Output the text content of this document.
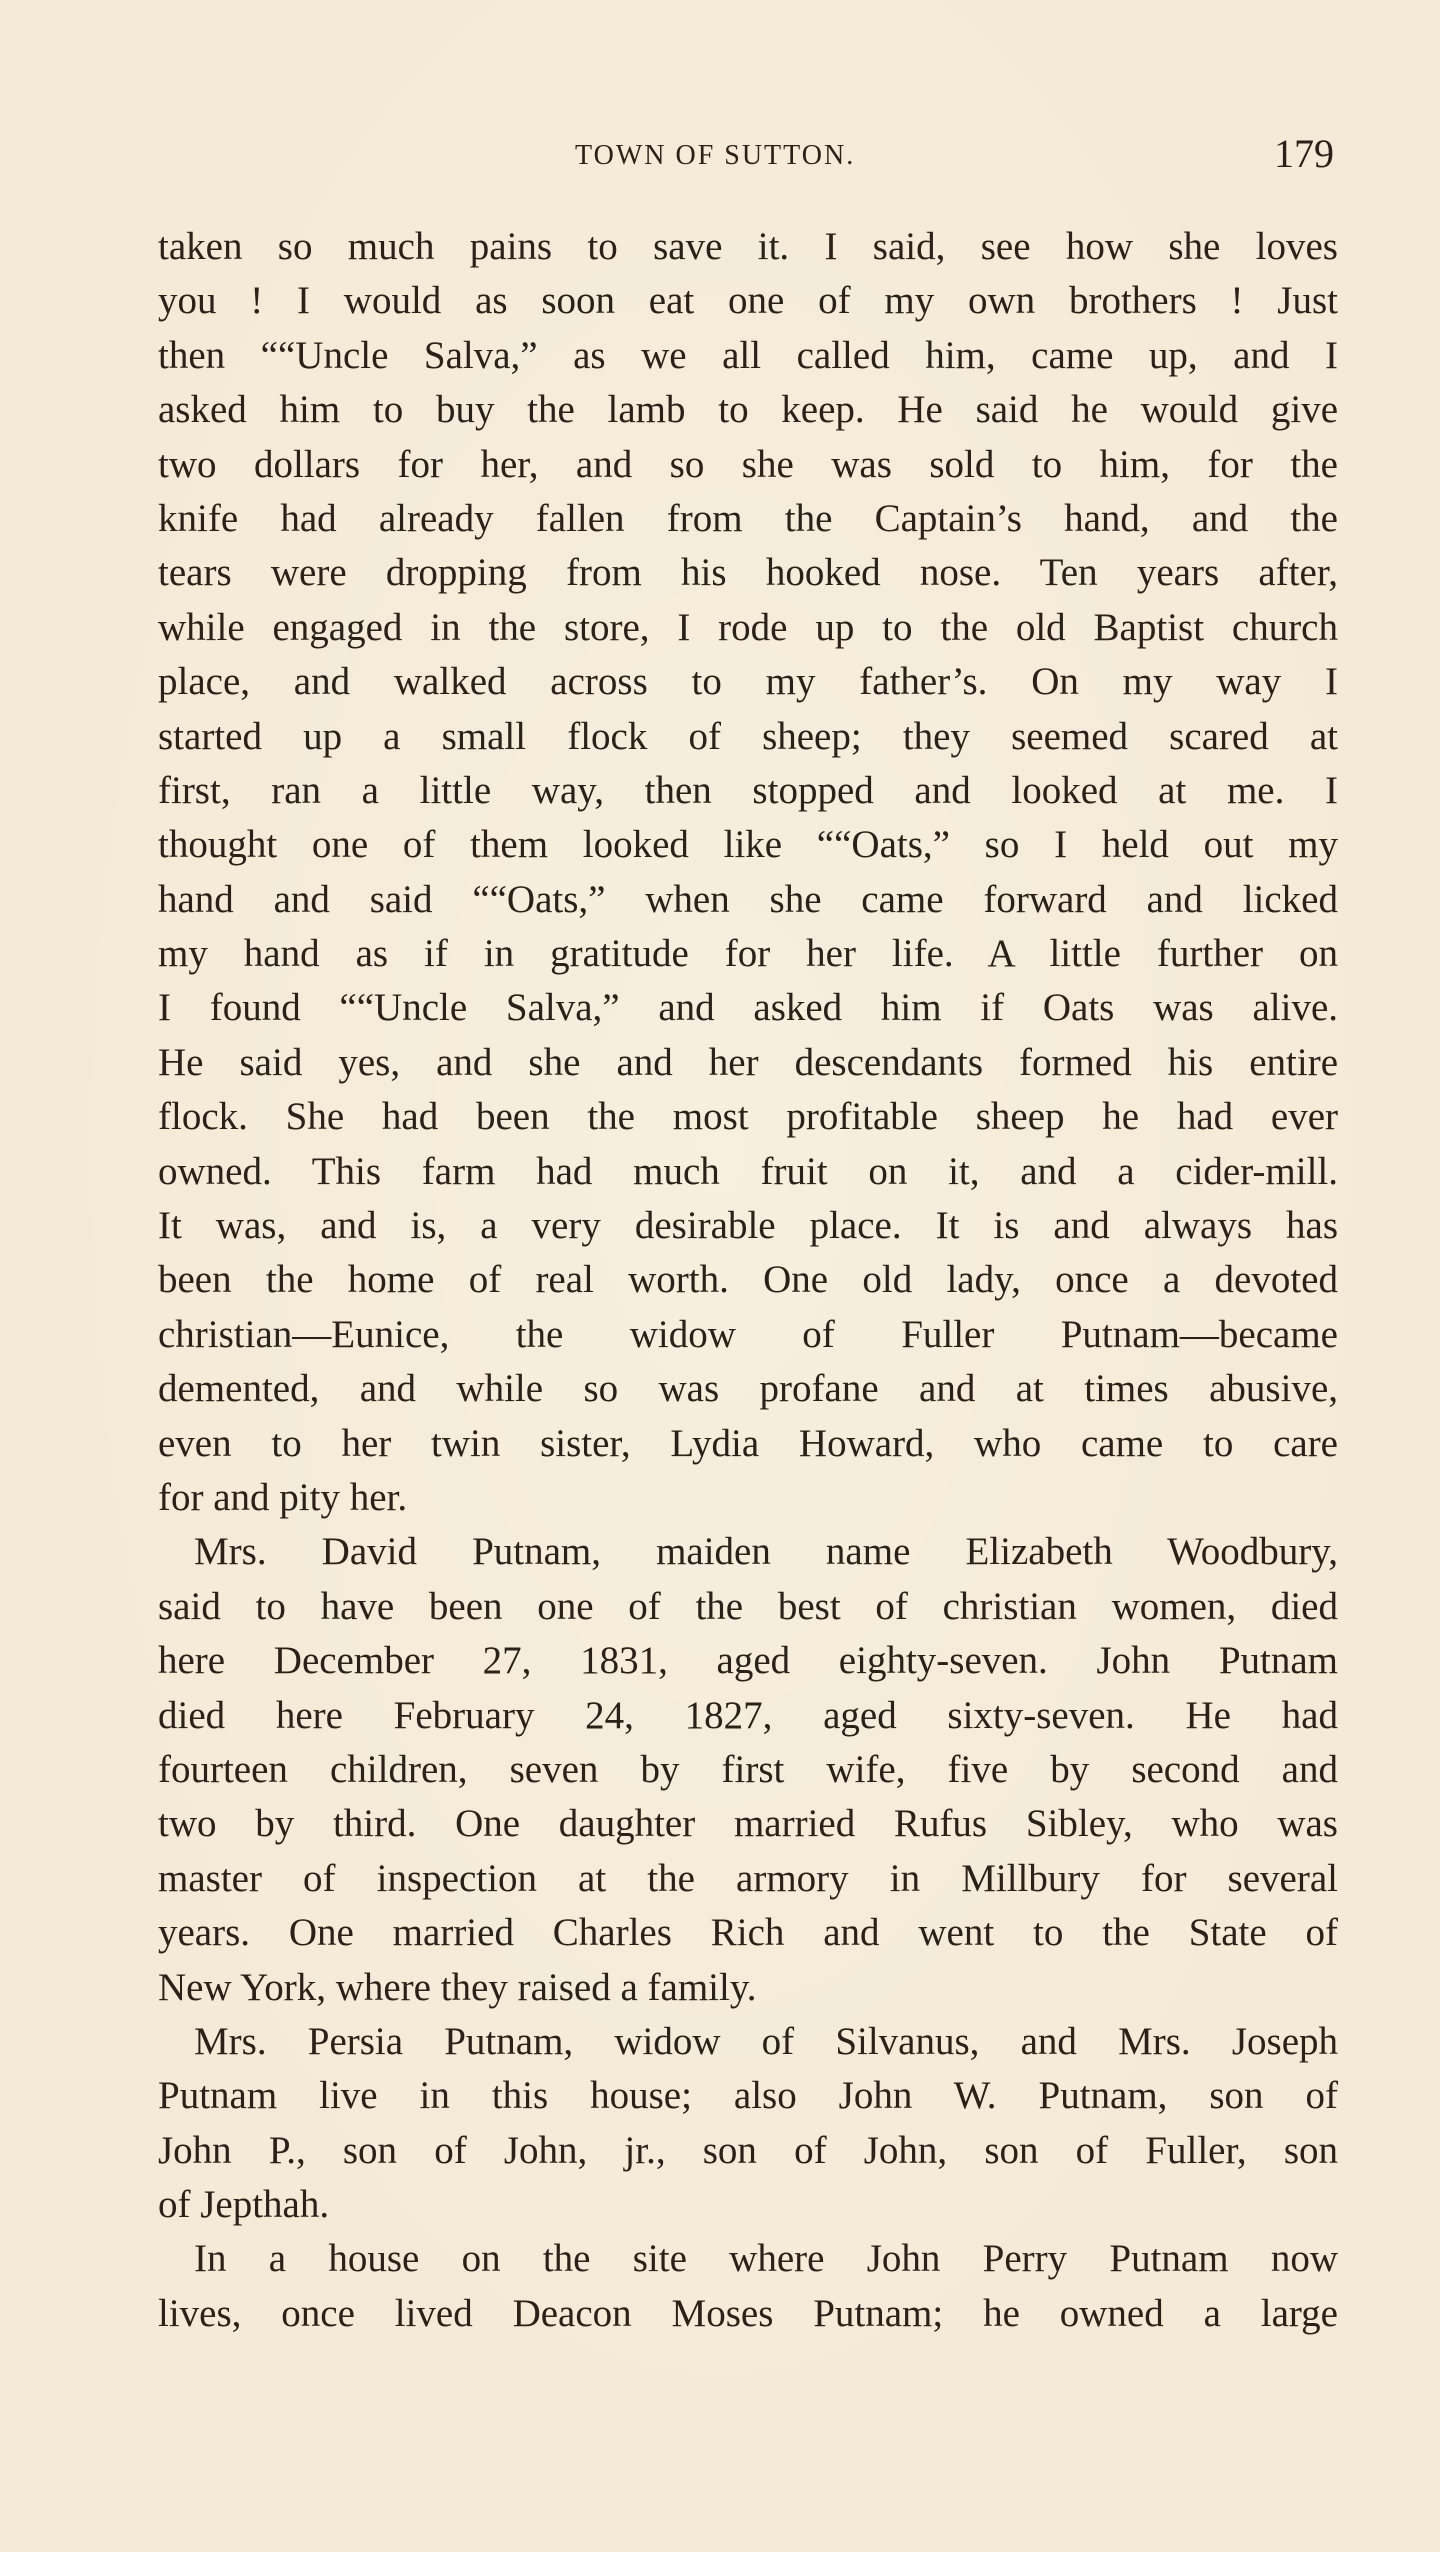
TOWN OF SUTTON.	179
taken so much pains to save it. I said, see how she loves
you ! I would as soon eat one of my own brothers ! Just
then ““Uncle Salva,” as we all called him, came up, and I
asked him to buy the lamb to keep. He said he would give
two dollars for her, and so she was sold to him, for the
knife had already fallen from the Captain’s hand, and the
tears were dropping from his hooked nose. Ten years after,
while engaged in the store, I rode up to the old Baptist church
place, and walked across to my father’s. On my way I
started up a small flock of sheep; they seemed scared at
first, ran a little way, then stopped and looked at me. I
thought one of them looked like ““Oats,” so I held out my
hand and said ““Oats,” when she came forward and licked
my hand as if in gratitude for her life. A little further on
I found ““Uncle Salva,” and asked him if Oats was alive.
He said yes, and she and her descendants formed his entire
flock. She had been the most profitable sheep he had ever
owned. This farm had much fruit on it, and a cider-mill.
It was, and is, a very desirable place. It is and always has
been the home of real worth. One old lady, once a devoted
christian—Eunice, the widow of Fuller Putnam—became
demented, and while so was profane and at times abusive,
even to her twin sister, Lydia Howard, who came to care
for and pity her.
Mrs. David Putnam, maiden name Elizabeth Woodbury,
said to have been one of the best of christian women, died
here December 27, 1831, aged eighty-seven. John Putnam
died here February 24, 1827, aged sixty-seven. He had
fourteen children, seven by first wife, five by second and
two by third. One daughter married Rufus Sibley, who was
master of inspection at the armory in Millbury for several
years. One married Charles Rich and went to the State of
New York, where they raised a family.
Mrs. Persia Putnam, widow of Silvanus, and Mrs. Joseph
Putnam live in this house; also John W. Putnam, son of
John P., son of John, jr., son of John, son of Fuller, son
of Jepthah.
In a house on the site where John Perry Putnam now
lives, once lived Deacon Moses Putnam; he owned a large
